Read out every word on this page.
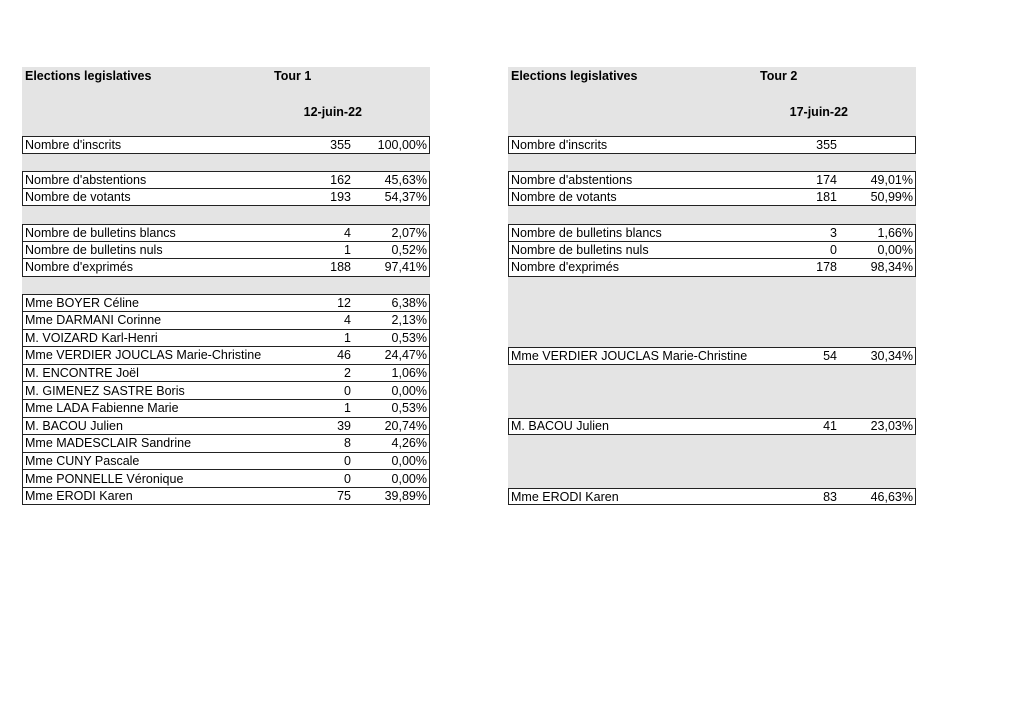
Elections legislatives	Tour 1
12-juin-22
Nombre d'inscrits	355	100,00%
Nombre d'abstentions	162	45,63%
Nombre de votants	193	54,37%
Nombre de bulletins blancs	4	2,07%
Nombre de bulletins nuls	1	0,52%
Nombre d'exprimés	188	97,41%
Mme BOYER Céline	12	6,38%
Mme DARMANI Corinne	4	2,13%
M. VOIZARD Karl-Henri	1	0,53%
Mme VERDIER JOUCLAS Marie-Christine	46	24,47%
M. ENCONTRE Joël	2	1,06%
M. GIMENEZ SASTRE Boris	0	0,00%
Mme LADA Fabienne Marie	1	0,53%
M. BACOU Julien	39	20,74%
Mme MADESCLAIR Sandrine	8	4,26%
Mme CUNY Pascale	0	0,00%
Mme PONNELLE Véronique	0	0,00%
Mme ERODI Karen	75	39,89%
Elections legislatives	Tour 2
17-juin-22
Nombre d'inscrits	355
Nombre d'abstentions	174	49,01%
Nombre de votants	181	50,99%
Nombre de bulletins blancs	3	1,66%
Nombre de bulletins nuls	0	0,00%
Nombre d'exprimés	178	98,34%
Mme VERDIER JOUCLAS Marie-Christine	54	30,34%
M. BACOU Julien	41	23,03%
Mme ERODI Karen	83	46,63%
